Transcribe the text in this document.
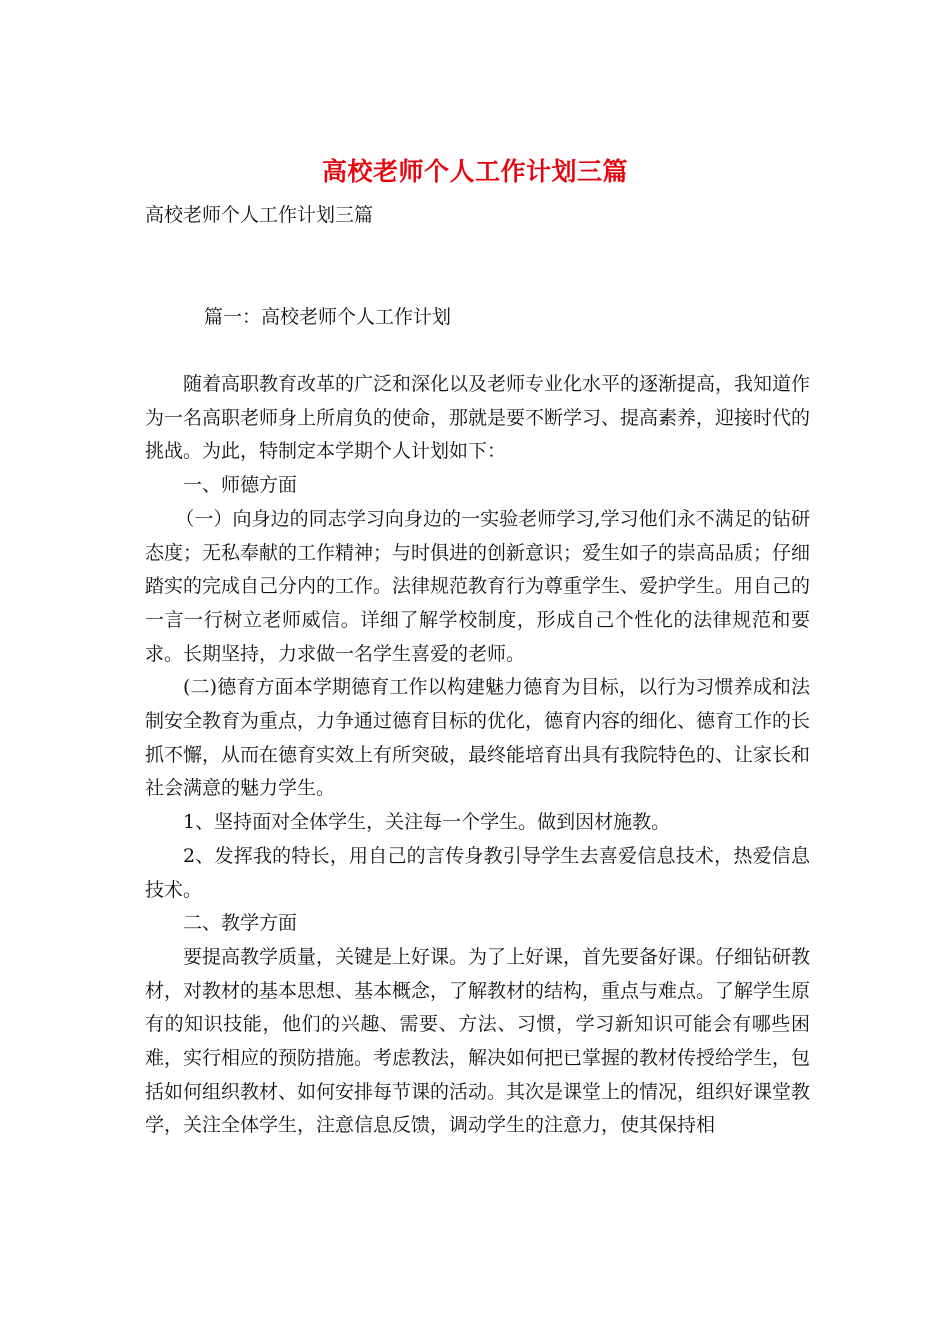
高校老师个人工作计划三篇
高校老师个人工作计划三篇
篇一：高校老师个人工作计划

随着高职教育改革的广泛和深化以及老师专业化水平的逐渐提高，我知道作为一名高职老师身上所肩负的使命，那就是要不断学习、提高素养，迎接时代的挑战。为此，特制定本学期个人计划如下：

一、师德方面

（一）向身边的同志学习向身边的一实验老师学习,学习他们永不满足的钻研态度；无私奉献的工作精神；与时俱进的创新意识；爱生如子的崇高品质；仔细踏实的完成自己分内的工作。法律规范教育行为尊重学生、爱护学生。用自己的一言一行树立老师威信。详细了解学校制度，形成自己个性化的法律规范和要求。长期坚持，力求做一名学生喜爱的老师。

(二)德育方面本学期德育工作以构建魅力德育为目标，以行为习惯养成和法制安全教育为重点，力争通过德育目标的优化，德育内容的细化、德育工作的长抓不懈，从而在德育实效上有所突破，最终能培育出具有我院特色的、让家长和社会满意的魅力学生。

1、坚持面对全体学生，关注每一个学生。做到因材施教。

2、发挥我的特长，用自己的言传身教引导学生去喜爱信息技术，热爱信息技术。

二、教学方面

要提高教学质量，关键是上好课。为了上好课，首先要备好课。仔细钻研教材，对教材的基本思想、基本概念，了解教材的结构，重点与难点。了解学生原有的知识技能，他们的兴趣、需要、方法、习惯，学习新知识可能会有哪些困难，实行相应的预防措施。考虑教法，解决如何把已掌握的教材传授给学生，包括如何组织教材、如何安排每节课的活动。其次是课堂上的情况，组织好课堂教学，关注全体学生，注意信息反馈，调动学生的注意力，使其保持相
